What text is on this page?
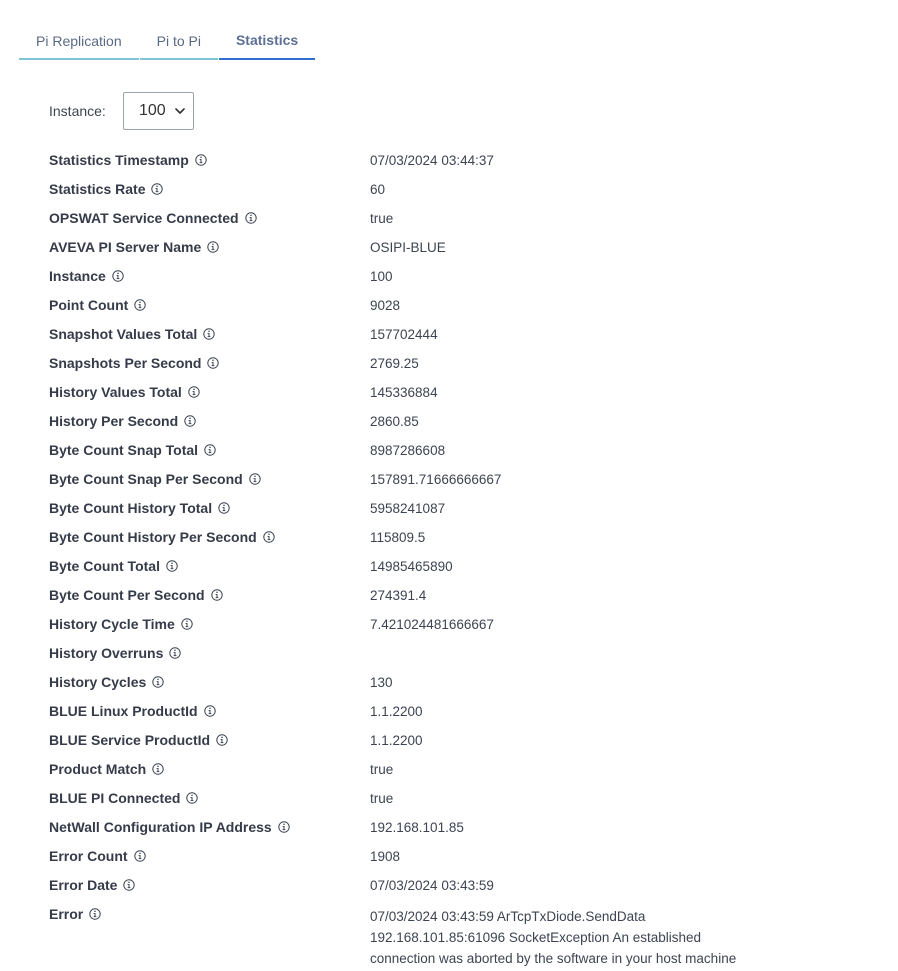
Pi Replication	Pi to Pi	Statistics
Instance:	100
Statistics Timestamp	07/03/2024 03:44:37
Statistics Rate	60
OPSWAT Service Connected	true
AVEVA PI Server Name	OSIPI-BLUE
Instance	100
Point Count	9028
Snapshot Values Total	157702444
Snapshots Per Second	2769.25
History Values Total	145336884
History Per Second	2860.85
Byte Count Snap Total	8987286608
Byte Count Snap Per Second	157891.71666666667
Byte Count History Total	5958241087
Byte Count History Per Second	115809.5
Byte Count Total	14985465890
Byte Count Per Second	274391.4
History Cycle Time	7.421024481666667
History Overruns
History Cycles	130
BLUE Linux ProductId	1.1.2200
BLUE Service ProductId	1.1.2200
Product Match	true
BLUE PI Connected	true
NetWall Configuration IP Address	192.168.101.85
Error Count	1908
Error Date	07/03/2024 03:43:59
Error	07/03/2024 03:43:59 ArTcpTxDiode.SendData 192.168.101.85:61096 SocketException An established connection was aborted by the software in your host machine
